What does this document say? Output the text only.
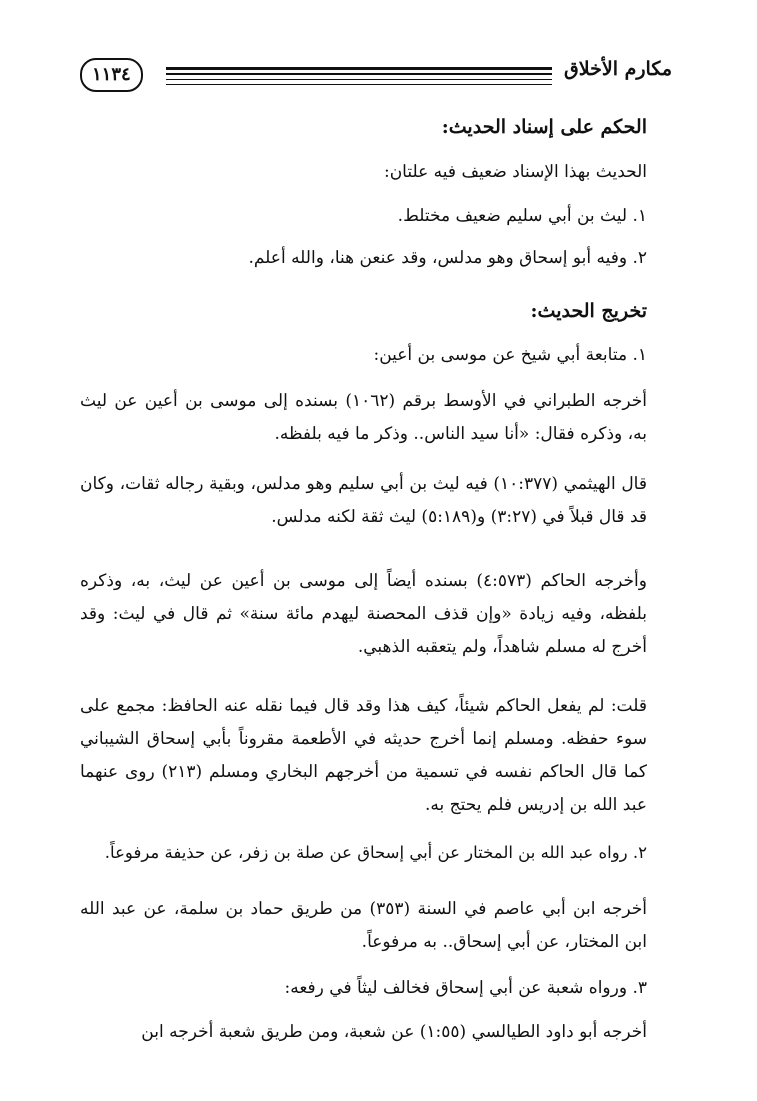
مكارم الأخلاق
١١٣٤
الحكم على إسناد الحديث:
الحديث بهذا الإسناد ضعيف فيه علتان:
١. ليث بن أبي سليم ضعيف مختلط.
٢. وفيه أبو إسحاق وهو مدلس، وقد عنعن هنا، والله أعلم.
تخريج الحديث:
١. متابعة أبي شيخ عن موسى بن أعين:
أخرجه الطبراني في الأوسط برقم (١٠٦٢) بسنده إلى موسى بن أعين عن ليث به، وذكره فقال: «أنا سيد الناس.. وذكر ما فيه بلفظه.
قال الهيثمي (١٠:٣٧٧) فيه ليث بن أبي سليم وهو مدلس، وبقية رجاله ثقات، وكان قد قال قبلاً في (٣:٢٧) و(٥:١٨٩) ليث ثقة لكنه مدلس.
وأخرجه الحاكم (٤:٥٧٣) بسنده أيضاً إلى موسى بن أعين عن ليث، به، وذكره بلفظه، وفيه زيادة «وإن قذف المحصنة ليهدم مائة سنة» ثم قال في ليث: وقد أخرج له مسلم شاهداً، ولم يتعقبه الذهبي.
قلت: لم يفعل الحاكم شيئاً، كيف هذا وقد قال فيما نقله عنه الحافظ: مجمع على سوء حفظه. ومسلم إنما أخرج حديثه في الأطعمة مقروناً بأبي إسحاق الشيباني كما قال الحاكم نفسه في تسمية من أخرجهم البخاري ومسلم (٢١٣) روى عنهما عبد الله بن إدريس فلم يحتج به.
٢. رواه عبد الله بن المختار عن أبي إسحاق عن صلة بن زفر، عن حذيفة مرفوعاً.
أخرجه ابن أبي عاصم في السنة (٣٥٣) من طريق حماد بن سلمة، عن عبد الله ابن المختار، عن أبي إسحاق.. به مرفوعاً.
٣. ورواه شعبة عن أبي إسحاق فخالف ليثاً في رفعه:
أخرجه أبو داود الطيالسي (١:٥٥) عن شعبة، ومن طريق شعبة أخرجه ابن
